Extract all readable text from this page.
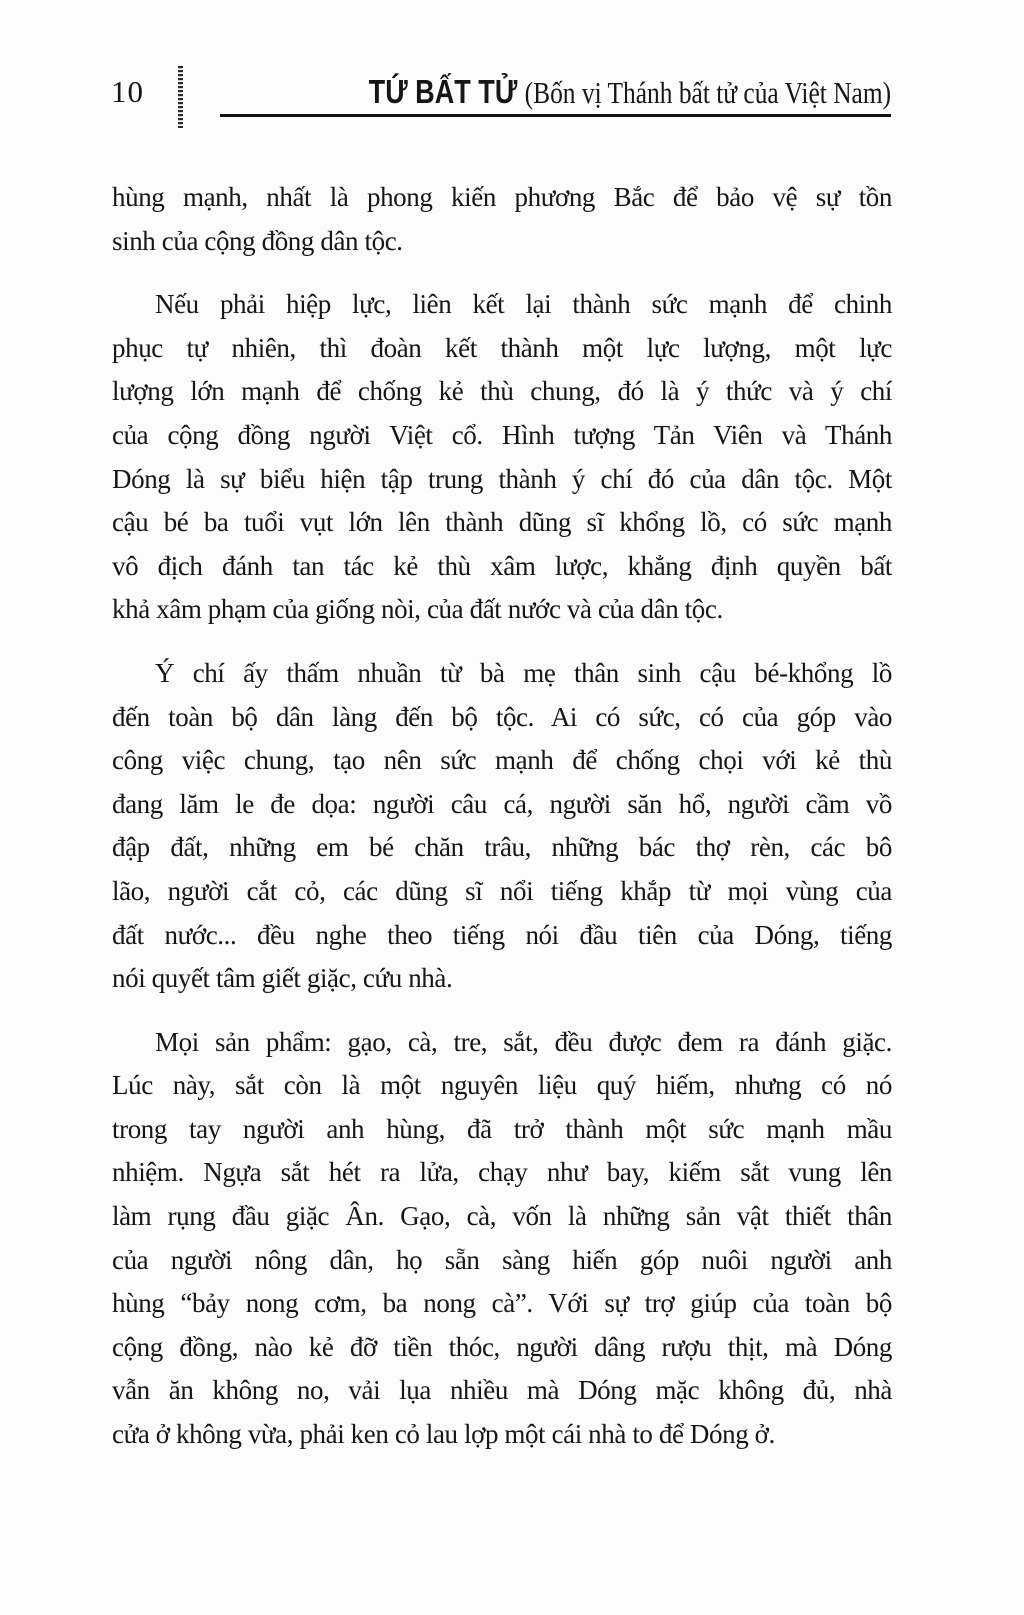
10	TỨ BẤT TỬ (Bốn vị Thánh bất tử của Việt Nam)
hùng mạnh, nhất là phong kiến phương Bắc để bảo vệ sự tồn
sinh của cộng đồng dân tộc.
Nếu phải hiệp lực, liên kết lại thành sức mạnh để chinh
phục tự nhiên, thì đoàn kết thành một lực lượng, một lực
lượng lớn mạnh để chống kẻ thù chung, đó là ý thức và ý chí
của cộng đồng người Việt cổ. Hình tượng Tản Viên và Thánh
Dóng là sự biểu hiện tập trung thành ý chí đó của dân tộc. Một
cậu bé ba tuổi vụt lớn lên thành dũng sĩ khổng lồ, có sức mạnh
vô địch đánh tan tác kẻ thù xâm lược, khẳng định quyền bất
khả xâm phạm của giống nòi, của đất nước và của dân tộc.
Ý chí ấy thấm nhuần từ bà mẹ thân sinh cậu bé-khổng lồ
đến toàn bộ dân làng đến bộ tộc. Ai có sức, có của góp vào
công việc chung, tạo nên sức mạnh để chống chọi với kẻ thù
đang lăm le đe dọa: người câu cá, người săn hổ, người cầm vồ
đập đất, những em bé chăn trâu, những bác thợ rèn, các bô
lão, người cắt cỏ, các dũng sĩ nổi tiếng khắp từ mọi vùng của
đất nước... đều nghe theo tiếng nói đầu tiên của Dóng, tiếng
nói quyết tâm giết giặc, cứu nhà.
Mọi sản phẩm: gạo, cà, tre, sắt, đều được đem ra đánh giặc.
Lúc này, sắt còn là một nguyên liệu quý hiếm, nhưng có nó
trong tay người anh hùng, đã trở thành một sức mạnh mầu
nhiệm. Ngựa sắt hét ra lửa, chạy như bay, kiếm sắt vung lên
làm rụng đầu giặc Ân. Gạo, cà, vốn là những sản vật thiết thân
của người nông dân, họ sẵn sàng hiến góp nuôi người anh
hùng “bảy nong cơm, ba nong cà”. Với sự trợ giúp của toàn bộ
cộng đồng, nào kẻ đỡ tiền thóc, người dâng rượu thịt, mà Dóng
vẫn ăn không no, vải lụa nhiều mà Dóng mặc không đủ, nhà
cửa ở không vừa, phải ken cỏ lau lợp một cái nhà to để Dóng ở.
